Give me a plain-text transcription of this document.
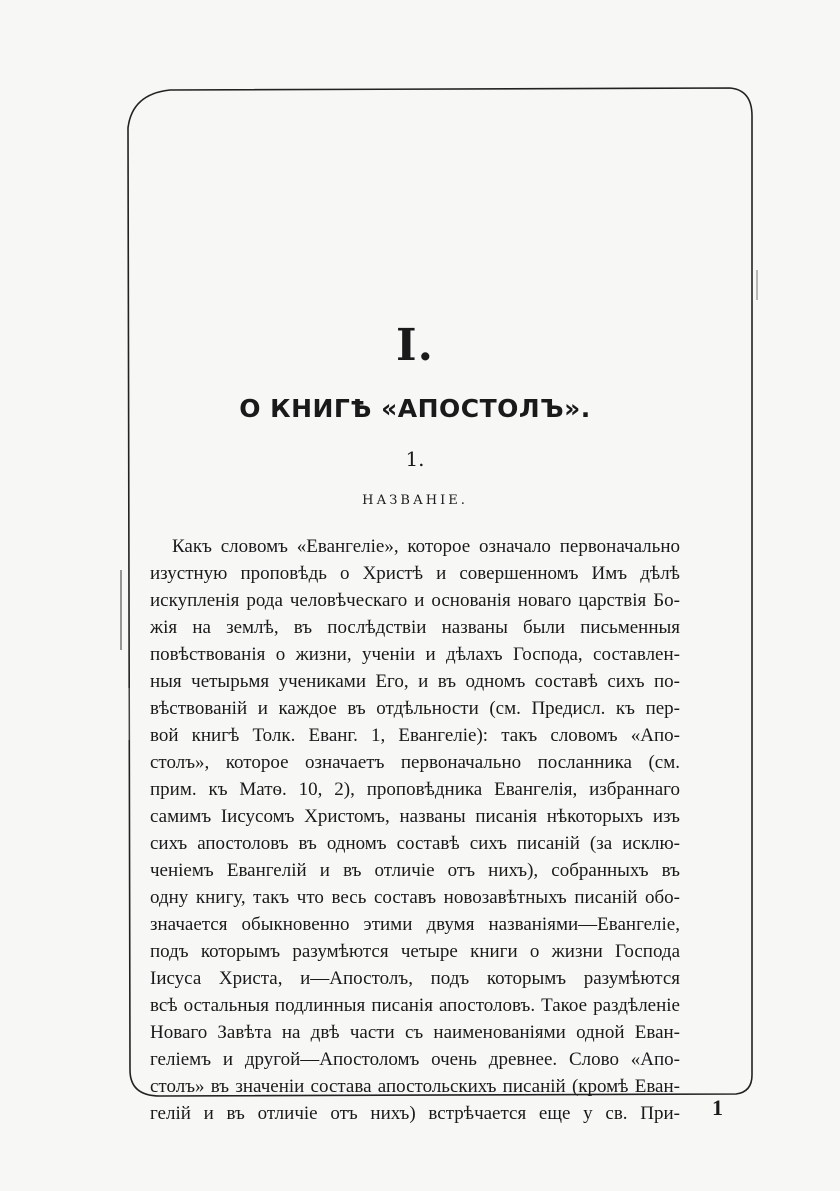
I.
О КНИГѢ «АПОСТОЛЪ».
1.
НАЗВАНІЕ.
Какъ словомъ «Евангеліе», которое означало первоначально
изустную проповѣдь о Христѣ и совершенномъ Имъ дѣлѣ
искупленія рода человѣческаго и основанія новаго царствія Бо-
жія на землѣ, въ послѣдствіи названы были письменныя
повѣствованія о жизни, ученіи и дѣлахъ Господа, составлен-
ныя четырьмя учениками Его, и въ одномъ составѣ сихъ по-
вѣствованій и каждое въ отдѣльности (см. Предисл. къ пер-
вой книгѣ Толк. Еванг. 1, Евангеліе): такъ словомъ «Апо-
столъ», которое означаетъ первоначально посланника (см.
прим. къ Матѳ. 10, 2), проповѣдника Евангелія, избраннаго
самимъ Іисусомъ Христомъ, названы писанія нѣкоторыхъ изъ
сихъ апостоловъ въ одномъ составѣ сихъ писаній (за исклю-
ченіемъ Евангелій и въ отличіе отъ нихъ), собранныхъ въ
одну книгу, такъ что весь составъ новозавѣтныхъ писаній обо-
значается обыкновенно этими двумя названіями—Евангеліе,
подъ которымъ разумѣются четыре книги о жизни Господа
Іисуса Христа, и—Апостолъ, подъ которымъ разумѣются
всѣ остальныя подлинныя писанія апостоловъ. Такое раздѣленіе
Новаго Завѣта на двѣ части съ наименованіями одной Еван-
геліемъ и другой—Апостоломъ очень древнее. Слово «Апо-
столъ» въ значеніи состава апостольскихъ писаній (кромѣ Еван-
гелій и въ отличіе отъ нихъ) встрѣчается еще у св. При- 1
